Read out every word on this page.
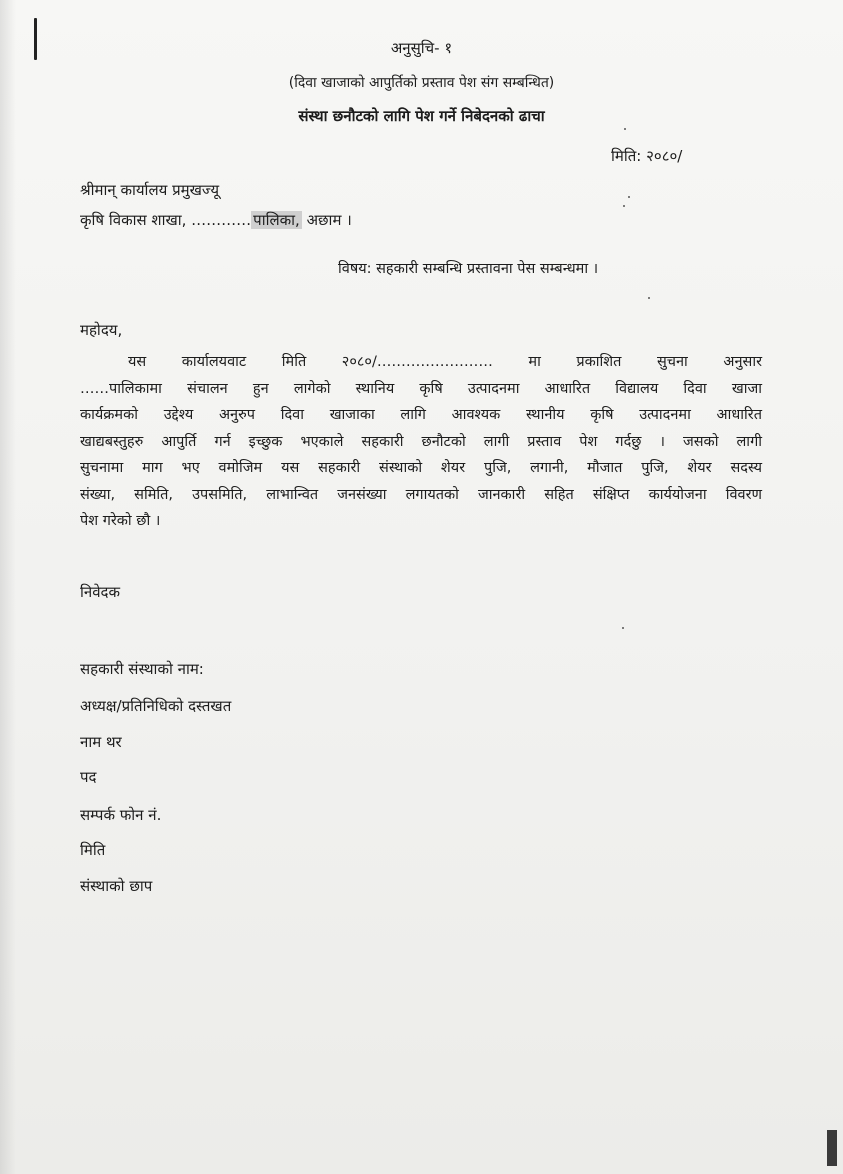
अनुसुचि- १
(दिवा खाजाको आपुर्तिको प्रस्ताव पेश संग सम्बन्धित)
संस्था छनौटको लागि पेश गर्ने निबेदनको ढाचा
मिति: २०८०/
श्रीमान् कार्यालय प्रमुखज्यू
कृषि विकास शाखा, ………… पालिका, अछाम ।
विषय: सहकारी सम्बन्धि प्रस्तावना पेस सम्बन्धमा ।
महोदय,
यस कार्यालयवाट मिति २०८०/…………………… मा प्रकाशित सुचना अनुसार
……पालिकामा संचालन हुन लागेको स्थानिय कृषि उत्पादनमा आधारित विद्यालय दिवा खाजा
कार्यक्रमको उद्देश्य अनुरुप दिवा खाजाका लागि आवश्यक स्थानीय कृषि उत्पादनमा आधारित
खाद्यबस्तुहरु आपुर्ति गर्न इच्छुक भएकाले सहकारी छनौटको लागी प्रस्ताव पेश गर्दछु । जसको लागी
सुचनामा माग भए वमोजिम यस सहकारी संस्थाको शेयर पुजि, लगानी, मौजात पुजि, शेयर सदस्य
संख्या, समिति, उपसमिति, लाभान्वित जनसंख्या लगायतको जानकारी सहित संक्षिप्त कार्ययोजना विवरण
पेश गरेको छौ ।
निवेदक
सहकारी संस्थाको नाम:
अध्यक्ष/प्रतिनिधिको दस्तखत
नाम थर
पद
सम्पर्क फोन नं.
मिति
संस्थाको छाप
